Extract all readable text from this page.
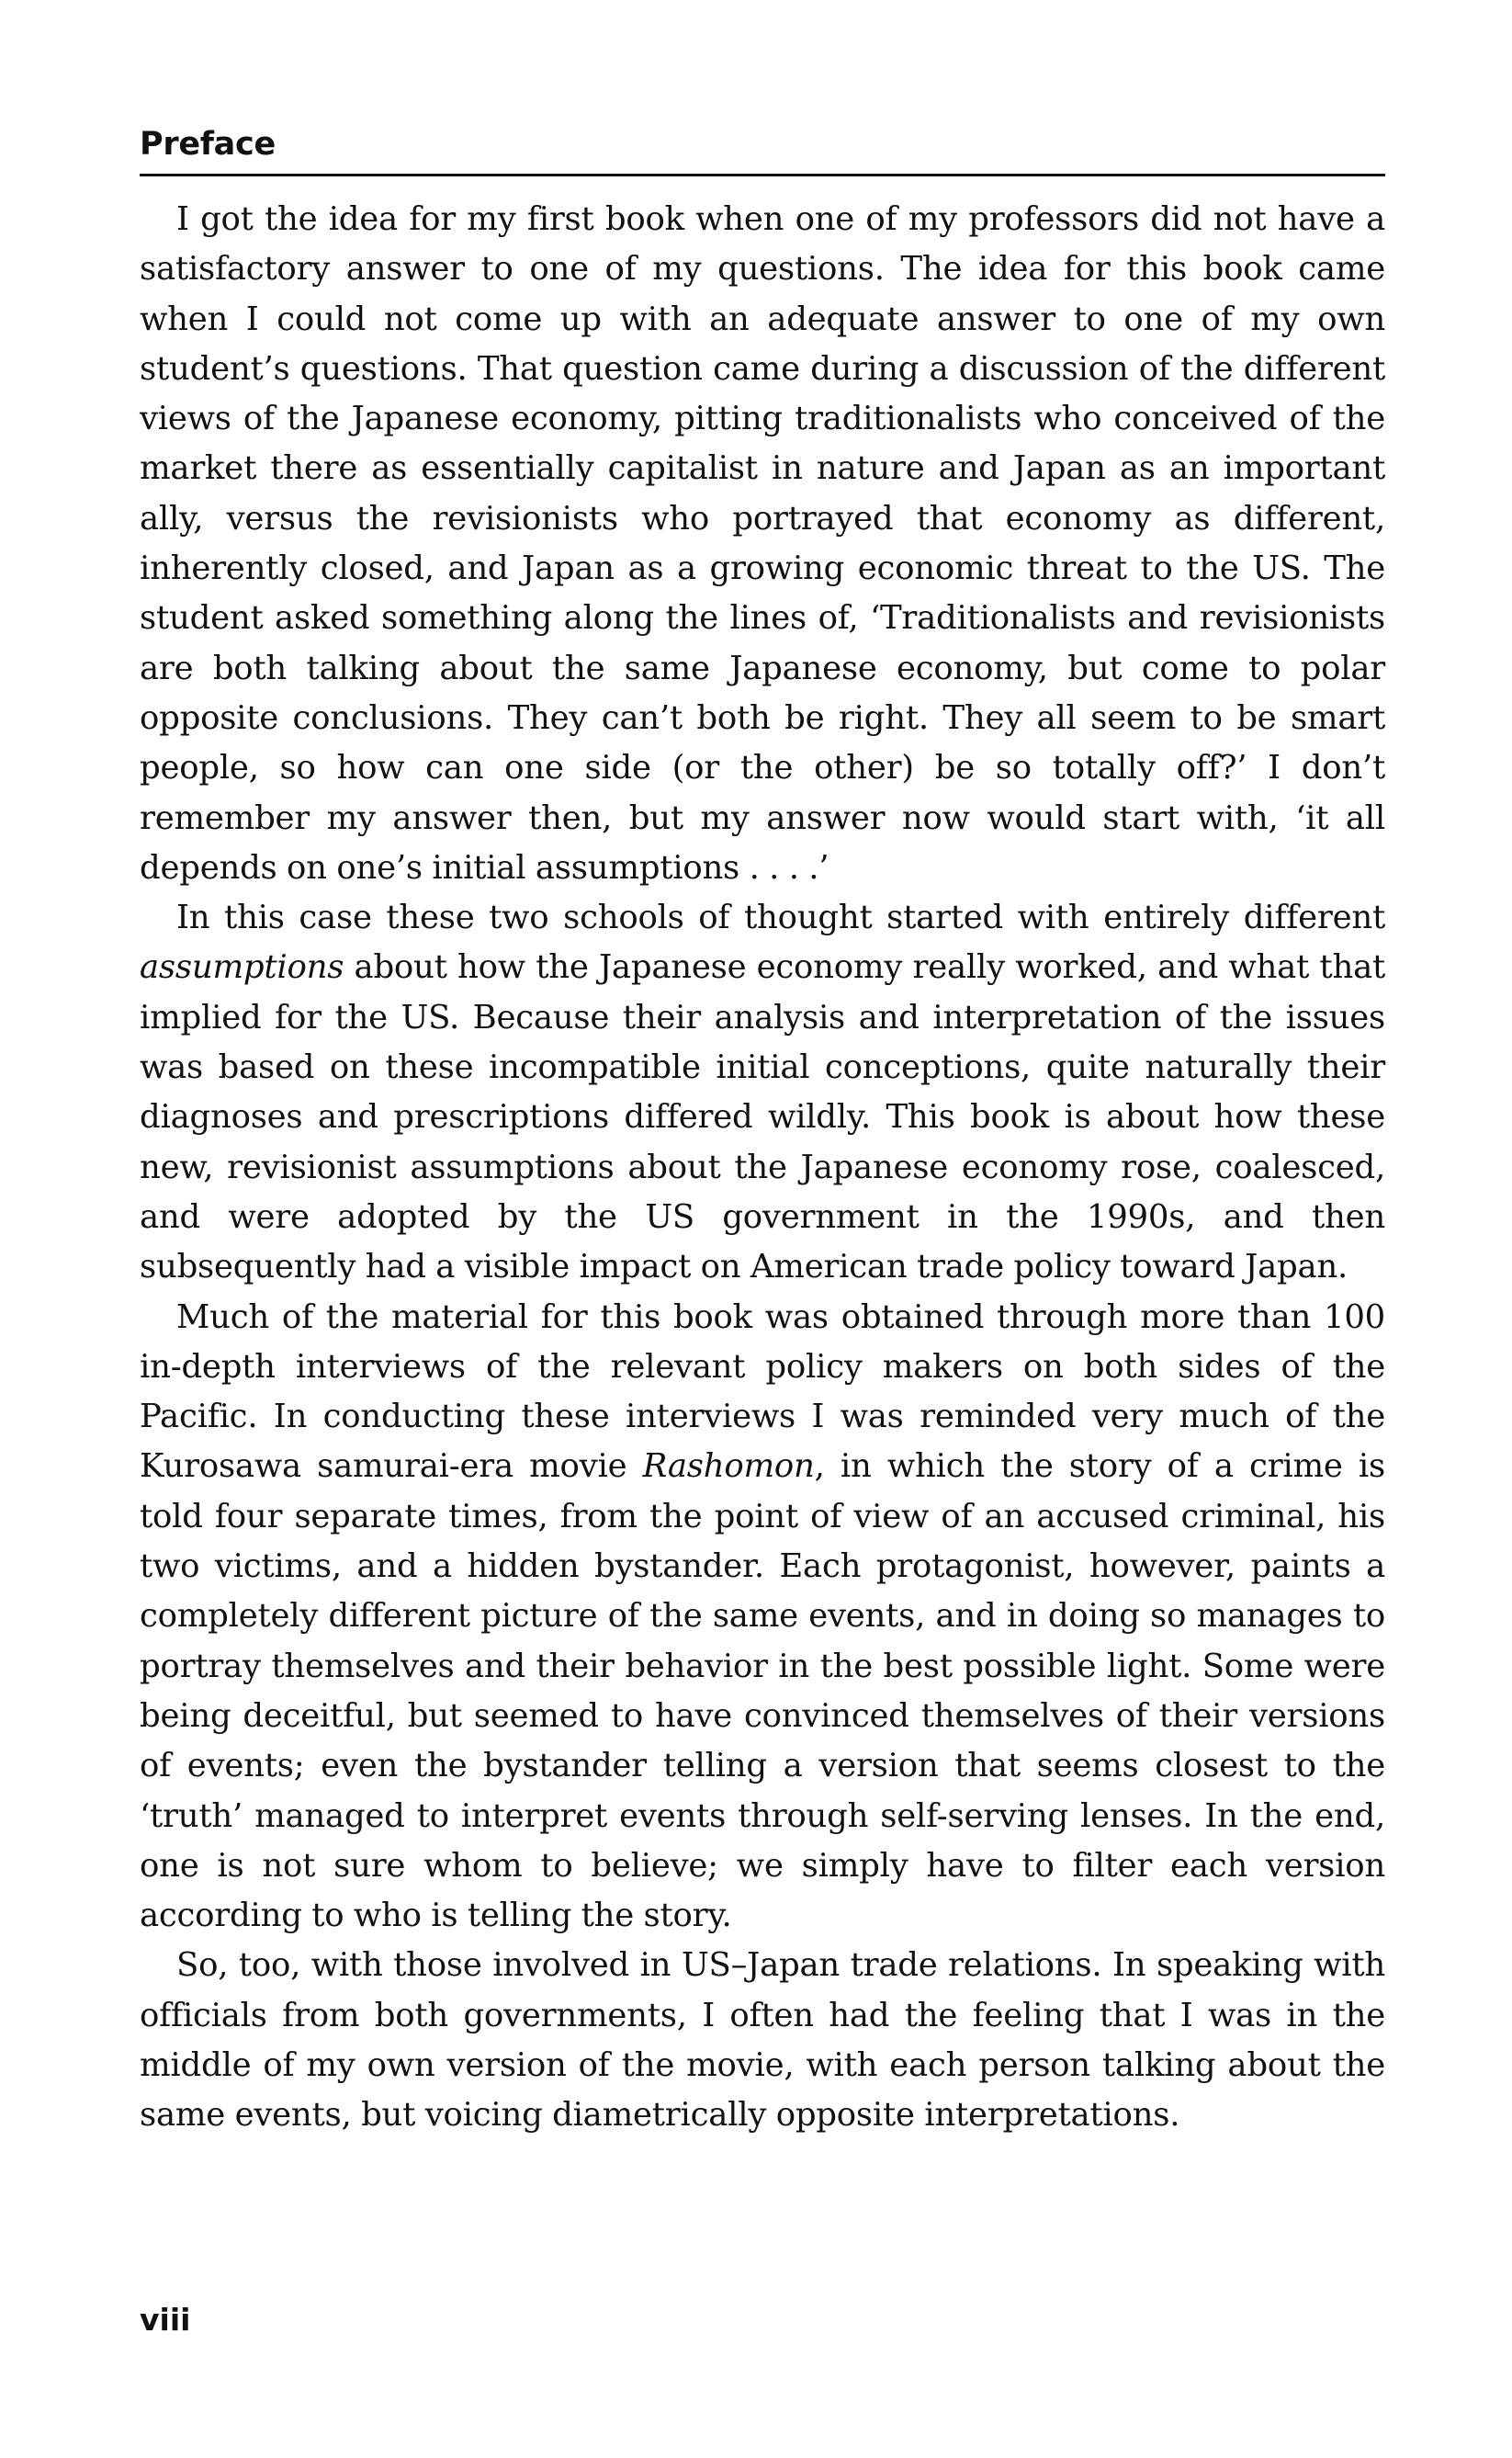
Preface

I got the idea for my first book when one of my professors did not have a satisfactory answer to one of my questions. The idea for this book came when I could not come up with an adequate answer to one of my own student’s questions. That question came during a discussion of the different views of the Japanese economy, pitting traditionalists who conceived of the market there as essentially capitalist in nature and Japan as an important ally, versus the revisionists who portrayed that economy as different, inherently closed, and Japan as a growing economic threat to the US. The student asked something along the lines of, ‘Traditionalists and revisionists are both talking about the same Japanese economy, but come to polar opposite conclusions. They can’t both be right. They all seem to be smart people, so how can one side (or the other) be so totally off?’ I don’t remember my answer then, but my answer now would start with, ‘it all depends on one’s initial assumptions . . . .’

In this case these two schools of thought started with entirely different assumptions about how the Japanese economy really worked, and what that implied for the US. Because their analysis and interpretation of the issues was based on these incompatible initial conceptions, quite naturally their diagnoses and prescriptions differed wildly. This book is about how these new, revisionist assumptions about the Japanese economy rose, coalesced, and were adopted by the US government in the 1990s, and then subsequently had a visible impact on American trade policy toward Japan.

Much of the material for this book was obtained through more than 100 in-depth interviews of the relevant policy makers on both sides of the Pacific. In conducting these interviews I was reminded very much of the Kurosawa samurai-era movie Rashomon, in which the story of a crime is told four separate times, from the point of view of an accused criminal, his two victims, and a hidden bystander. Each protagonist, however, paints a completely different picture of the same events, and in doing so manages to portray themselves and their behavior in the best possible light. Some were being deceitful, but seemed to have convinced themselves of their versions of events; even the bystander telling a version that seems closest to the ‘truth’ managed to interpret events through self-serving lenses. In the end, one is not sure whom to believe; we simply have to filter each version according to who is telling the story.

So, too, with those involved in US–Japan trade relations. In speaking with officials from both governments, I often had the feeling that I was in the middle of my own version of the movie, with each person talking about the same events, but voicing diametrically opposite interpretations.

viii
